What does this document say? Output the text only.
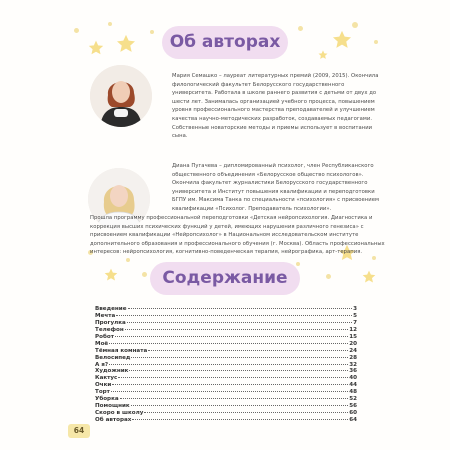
Об авторах
Мария Семашко – лауреат литературных премий (2009, 2015). Окончила филологический факультет Белорусского государственного университета. Работала в школе раннего развития с детьми от двух до шести лет. Занималась организацией учебного процесса, повышением уровня профессионального мастерства преподавателей и улучшением качества научно-методических разработок, создаваемых педагогами. Собственные новаторские методы и приемы использует в воспитании сына.
Диана Пугачева – дипломированный психолог, член Республиканского общественного объединения «Белорусское общество психологов». Окончила факультет журналистики Белорусского государственного университета и Институт повышения квалификации и переподготовки БГПУ им. Максима Танка по специальности «психология» с присвоением квалификации «Психолог. Преподаватель психологии».
Прошла программу профессиональной переподготовки «Детская нейропсихология. Диагностика и коррекция высших психических функций у детей, имеющих нарушения различного генезиса» с присвоением квалификации «Нейропсихолог» в Национальном исследовательском институте дополнительного образования и профессионального обучения (г. Москва). Область профессиональных интересов: нейропсихология, когнитивно-поведенческая терапия, нейрографика, арт-терапия.
Содержание
Введение	3
Мечта	5
Прогулка	7
Телефон	12
Робот	15
Моё	20
Тёмная комната	24
Велосипед	28
А я?	32
Художник	36
Кактус	40
Очки	44
Торт	48
Уборка	52
Помощник	56
Скоро в школу	60
Об авторах	64
64
